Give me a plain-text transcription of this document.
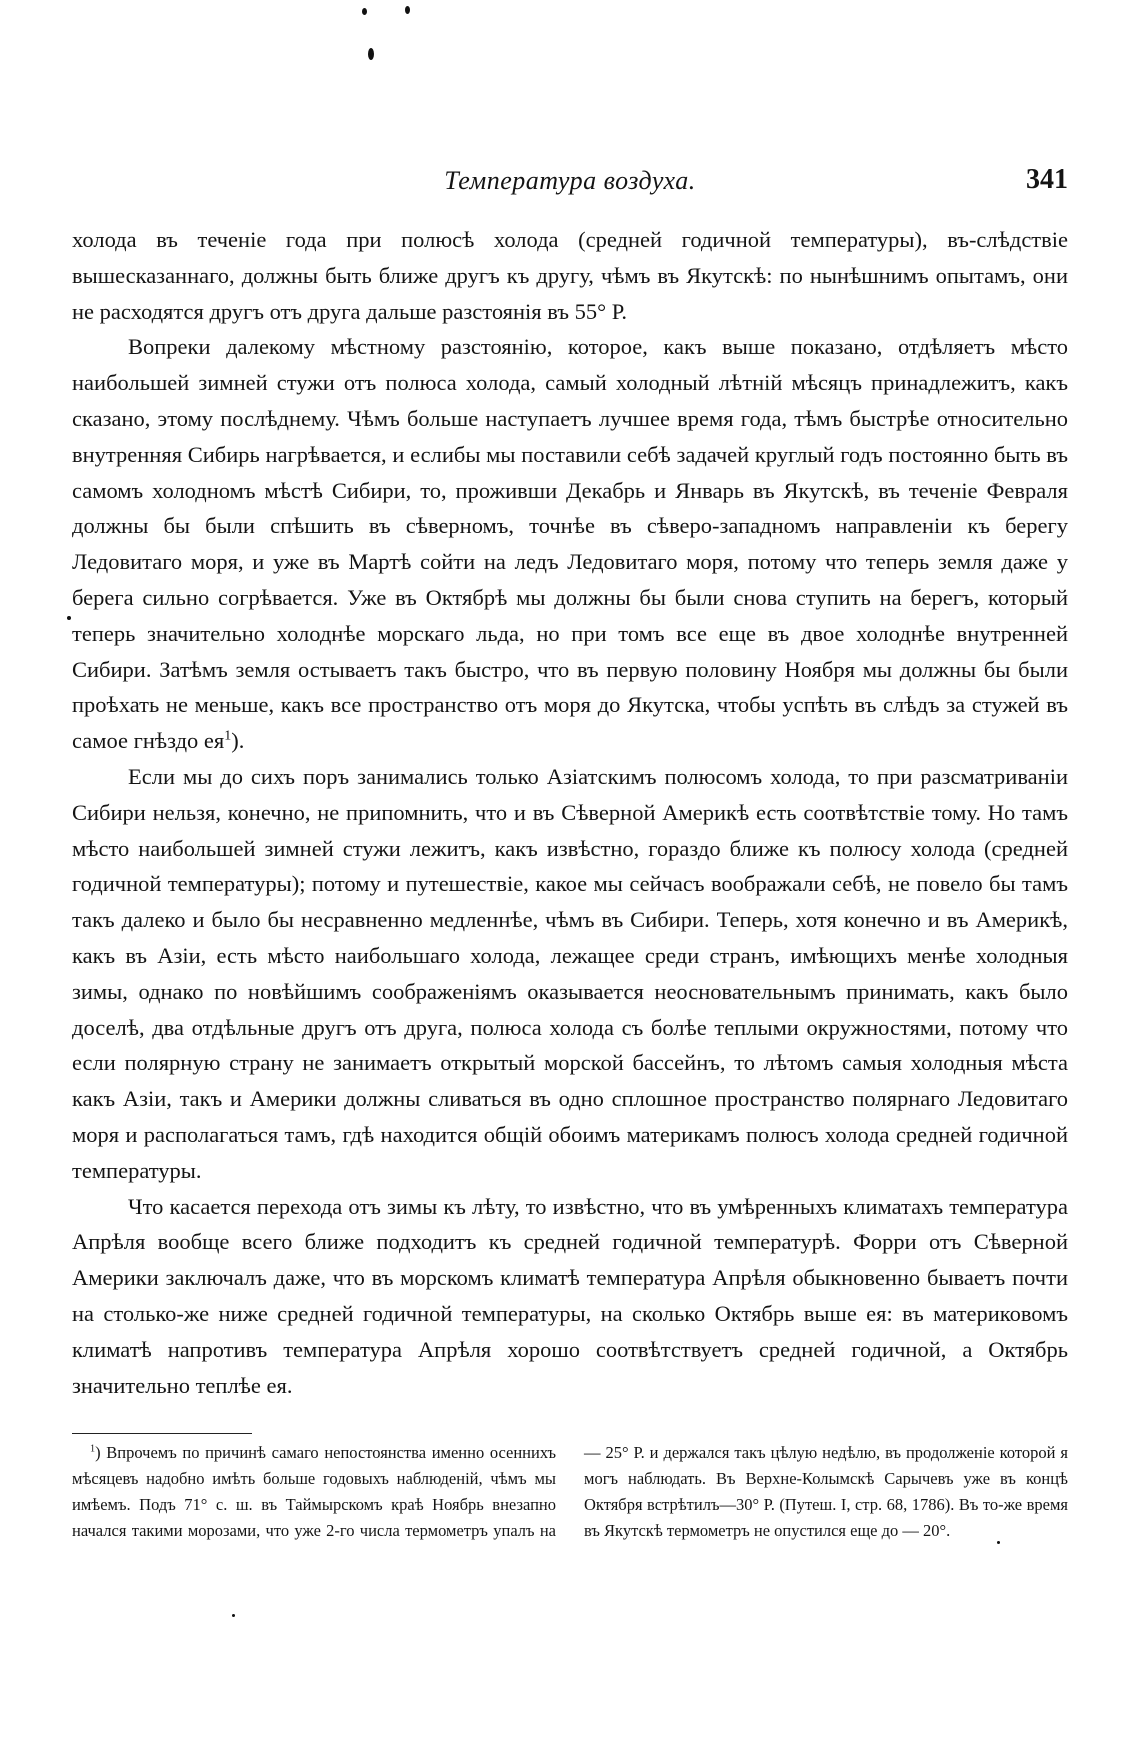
Температура воздуха.	341

холода въ теченіе года при полюсѣ холода (средней годичной температуры), въ-слѣдствіе вышесказаннаго, должны быть ближе другъ къ другу, чѣмъ въ Якутскѣ: по нынѣшнимъ опытамъ, они не расходятся другъ отъ друга дальше разстоянія въ 55° Р.

Вопреки далекому мѣстному разстоянію, которое, какъ выше показано, отдѣляетъ мѣсто наибольшей зимней стужи отъ полюса холода, самый холодный лѣтній мѣсяцъ принадлежитъ, какъ сказано, этому послѣднему. Чѣмъ больше наступаетъ лучшее время года, тѣмъ быстрѣе относительно внутренняя Сибирь нагрѣвается, и еслибы мы поставили себѣ задачей круглый годъ постоянно быть въ самомъ холодномъ мѣстѣ Сибири, то, проживши Декабрь и Январь въ Якутскѣ, въ теченіе Февраля должны бы были спѣшить въ сѣверномъ, точнѣе въ сѣверо-западномъ направленіи къ берегу Ледовитаго моря, и уже въ Мартѣ сойти на ледъ Ледовитаго моря, потому что теперь земля даже у берега сильно согрѣвается. Уже въ Октябрѣ мы должны бы были снова ступить на берегъ, который теперь значительно холоднѣе морскаго льда, но при томъ все еще въ двое холоднѣе внутренней Сибири. Затѣмъ земля остываетъ такъ быстро, что въ первую половину Ноября мы должны бы были проѣхать не меньше, какъ все пространство отъ моря до Якутска, чтобы успѣть въ слѣдъ за стужей въ самое гнѣздо $ея^1$).

Если мы до сихъ поръ занимались только Азіатскимъ полюсомъ холода, то при разсматриваніи Сибири нельзя, конечно, не припомнить, что и въ Сѣверной Америкѣ есть соотвѣтствіе тому. Но тамъ мѣсто наибольшей зимней стужи лежитъ, какъ извѣстно, гораздо ближе къ полюсу холода (средней годичной температуры); потому и путешествіе, какое мы сейчасъ воображали себѣ, не повело бы тамъ такъ далеко и было бы несравненно медленнѣе, чѣмъ въ Сибири. Теперь, хотя конечно и въ Америкѣ, какъ въ Азіи, есть мѣсто наибольшаго холода, лежащее среди странъ, имѣющихъ менѣе холодныя зимы, однако по новѣйшимъ соображеніямъ оказывается неосновательнымъ принимать, какъ было доселѣ, два отдѣльные другъ отъ друга, полюса холода съ болѣе теплыми окружностями, потому что если полярную страну не занимаетъ открытый морской бассейнъ, то лѣтомъ самыя холодныя мѣста какъ Азіи, такъ и Америки должны сливаться въ одно сплошное пространство полярнаго Ледовитаго моря и располагаться тамъ, гдѣ находится общій обоимъ материкамъ полюсъ холода средней годичной температуры.

Что касается перехода отъ зимы къ лѣту, то извѣстно, что въ умѣренныхъ климатахъ температура Апрѣля вообще всего ближе подходитъ къ средней годичной температурѣ. Форри отъ Сѣверной Америки заключалъ даже, что въ морскомъ климатѣ температура Апрѣля обыкновенно бываетъ почти на столько-же ниже средней годичной температуры, на сколько Октябрь выше ея: въ материковомъ климатѣ напротивъ температура Апрѣля хорошо соотвѣтствуетъ средней годичной, а Октябрь значительно теплѣе ея.

$^1$) Впрочемъ по причинѣ самаго непостоянства именно осеннихъ мѣсяцевъ надобно имѣть больше годовыхъ наблюденій, чѣмъ мы имѣемъ. Подъ 71° с. ш. въ Таймырскомъ краѣ Ноябрь внезапно начался такими морозами, что уже 2-го числа термометръ упалъ на — 25° Р. и держался такъ цѣлую недѣлю, въ продолженіе которой я могъ наблюдать. Въ Верхне-Колымскѣ Сарычевъ уже въ концѣ Октября встрѣтилъ—30° Р. (Путеш. I, стр. 68, 1786). Въ то-же время въ Якутскѣ термометръ не опустился еще до — 20°.
